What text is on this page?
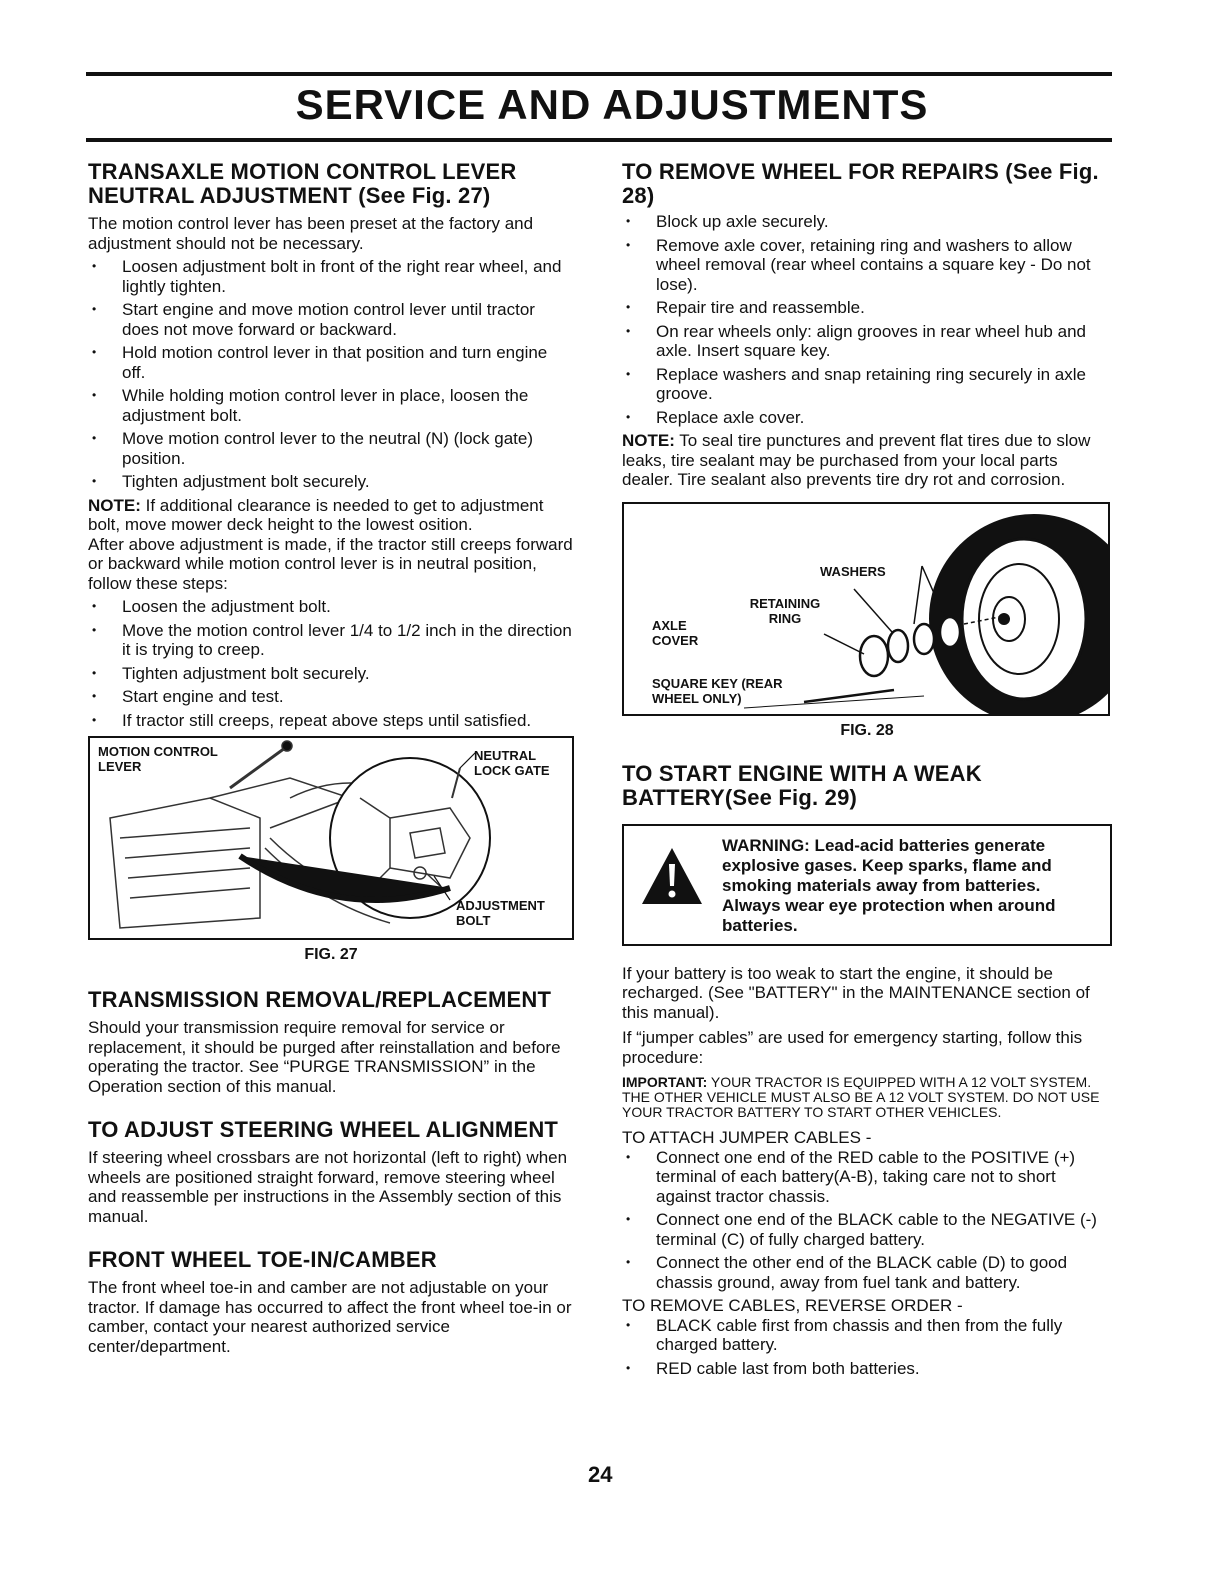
SERVICE AND ADJUSTMENTS
TRANSAXLE MOTION CONTROL LEVER NEUTRAL ADJUSTMENT (See Fig. 27)

The motion control lever has been preset at the factory and adjustment should not be necessary.

• Loosen adjustment bolt in front of the right rear wheel, and lightly tighten.
• Start engine and move motion control lever until tractor does not move forward or backward.
• Hold motion control lever in that position and turn engine off.
• While holding motion control lever in place, loosen the adjustment bolt.
• Move motion control lever to the neutral (N) (lock gate) position.
• Tighten adjustment bolt securely.

NOTE: If additional clearance is needed to get to adjustment bolt, move mower deck height to the lowest osition.

After above adjustment is made, if the tractor still creeps forward or backward while motion control lever is in neutral position, follow these steps:

• Loosen the adjustment bolt.
• Move the motion control lever 1/4 to 1/2 inch in the direction it is trying to creep.
• Tighten adjustment bolt securely.
• Start engine and test.
• If tractor still creeps, repeat above steps until satisfied.
MOTION CONTROL LEVER
NEUTRAL LOCK GATE
ADJUSTMENT BOLT
FIG. 27
TRANSMISSION REMOVAL/REPLACEMENT

Should your transmission require removal for service or replacement, it should be purged after reinstallation and before operating the tractor. See “PURGE TRANSMISSION” in the Operation section of this manual.

TO ADJUST STEERING WHEEL ALIGNMENT

If steering wheel crossbars are not horizontal (left to right) when wheels are positioned straight forward, remove steering wheel and reassemble per instructions in the Assembly section of this manual.

FRONT WHEEL TOE-IN/CAMBER

The front wheel toe-in and camber are not adjustable on your tractor. If damage has occurred to affect the front wheel toe-in or camber, contact your nearest authorized service center/department.

TO REMOVE WHEEL FOR REPAIRS (See Fig. 28)
• Block up axle securely.
• Remove axle cover, retaining ring and washers to allow wheel removal (rear wheel contains a square key - Do not lose).
• Repair tire and reassemble.
• On rear wheels only: align grooves in rear wheel hub and axle. Insert square key.
• Replace washers and snap retaining ring securely in axle groove.
• Replace axle cover.

NOTE: To seal tire punctures and prevent flat tires due to slow leaks, tire sealant may be purchased from your local parts dealer. Tire sealant also prevents tire dry rot and corrosion.

WASHERS
RETAINING RING
AXLE COVER
SQUARE KEY (REAR WHEEL ONLY)
FIG. 28
TO START ENGINE WITH A WEAK BATTERY(See Fig. 29)
WARNING: Lead-acid batteries generate explosive gases. Keep sparks, flame and smoking materials away from batteries. Always wear eye protection when around batteries.

If your battery is too weak to start the engine, it should be recharged. (See "BATTERY" in the MAINTENANCE section of this manual).

If “jumper cables” are used for emergency starting, follow this procedure:

IMPORTANT: YOUR TRACTOR IS EQUIPPED WITH A 12 VOLT SYSTEM. THE OTHER VEHICLE MUST ALSO BE A 12 VOLT SYSTEM. DO NOT USE YOUR TRACTOR BATTERY TO START OTHER VEHICLES.

TO ATTACH JUMPER CABLES -

• Connect one end of the RED cable to the POSITIVE (+) terminal of each battery(A-B), taking care not to short against tractor chassis.
• Connect one end of the BLACK cable to the NEGATIVE (-) terminal (C) of fully charged battery.
• Connect the other end of the BLACK cable (D) to good chassis ground, away from fuel tank and battery.

TO REMOVE CABLES, REVERSE ORDER -

• BLACK cable first from chassis and then from the fully charged battery.
• RED cable last from both batteries.
24
